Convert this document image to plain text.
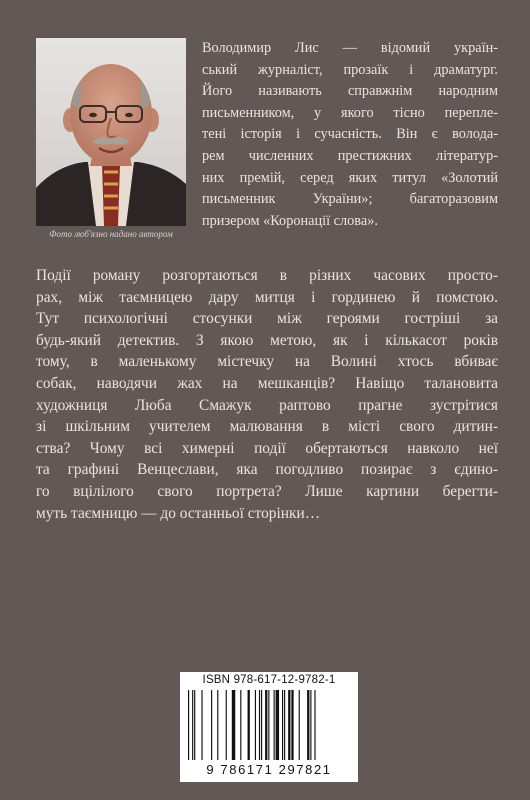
Фото люб'язно надано автором
Володимир Лис — відомий україн-
ський журналіст, прозаїк і драматург.
Його називають справжнім народним
письменником, у якого тісно переплe-
тені історія і сучасність. Він є волода-
рем численних престижних літератур-
них премій, серед яких титул «Золотий
письменник України»; багаторазовим
призером «Коронації слова».
Події роману розгортаються в різних часових просто-
рах, між таємницею дару митця і гординею й помстою.
Тут психологічні стосунки між героями гостріші за
будь-який детектив. З якою метою, як і кількасот років
тому, в маленькому містечку на Волині хтось вбиває
собак, наводячи жах на мешканців? Навіщо талановита
художниця Люба Смажук раптово прагне зустрітися
зі шкільним учителем малювання в місті свого дитин-
ства? Чому всі химерні події обертаються навколо неї
та графині Венцеслави, яка погодливо позирає з єдино-
го вцілілого свого портрета? Лише картини берегти-
муть таємницю — до останньої сторінки…
ISBN 978-617-12-9782-1
9 786171 297821
